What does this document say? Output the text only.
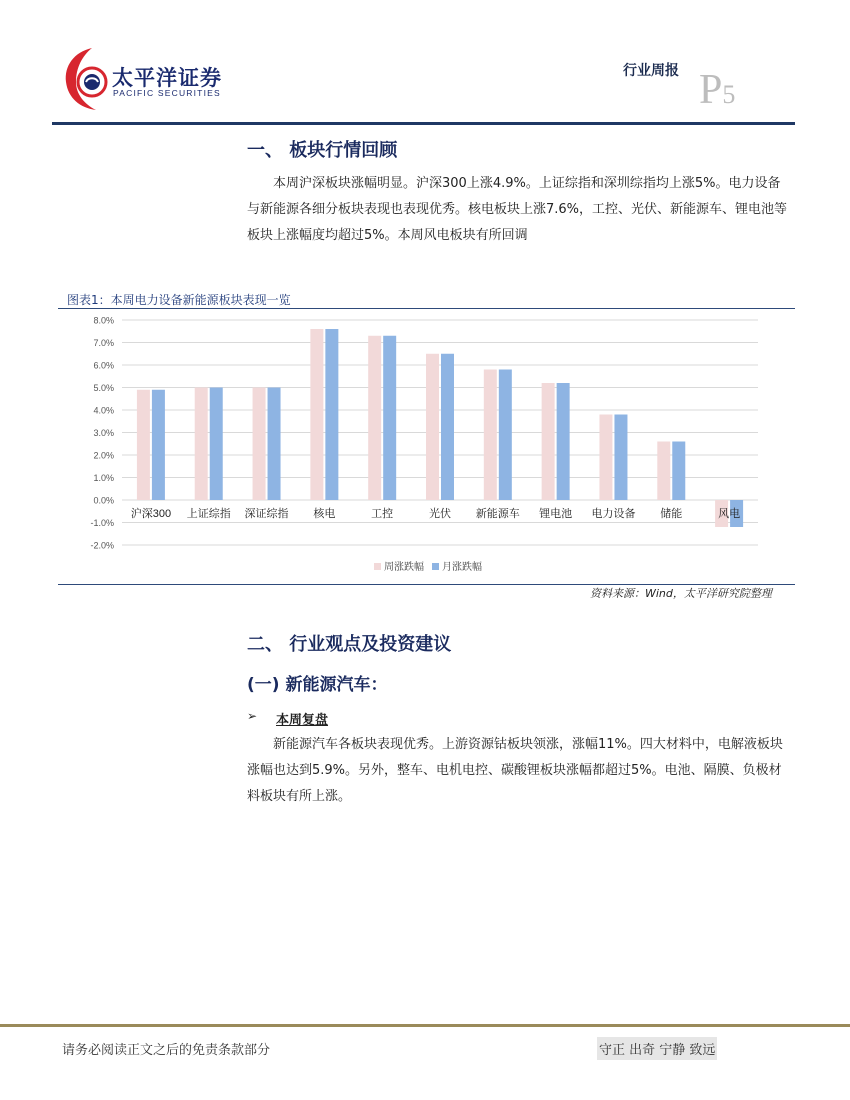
太平洋证券
PACIFIC SECURITIES
行业周报 P5
一、 板块行情回顾

本周沪深板块涨幅明显。沪深300上涨4.9%。上证综指和深圳综指均上涨5%。电力设备与新能源各细分板块表现也表现优秀。核电板块上涨7.6%，工控、光伏、新能源车、锂电池等板块上涨幅度均超过5%。本周风电板块有所回调

图表1：本周电力设备新能源板块表现一览
8.0%
7.0%
6.0%
5.0%
4.0%
3.0%
2.0%
1.0%
0.0%
-1.0%
-2.0%
沪深300 上证综指 深证综指 核电	工控	光伏 新能源车 锂电池 电力设备 储能	风电
周涨跌幅 月涨跌幅
资料来源：Wind，太平洋研究院整理
二、 行业观点及投资建议
(一) 新能源汽车：
➢ 本周复盘

新能源汽车各板块表现优秀。上游资源钴板块领涨，涨幅11%。四大材料中，电解液板块涨幅也达到5.9%。另外，整车、电机电控、碳酸锂板块涨幅都超过5%。电池、隔膜、负极材料板块有所上涨。

请务必阅读正文之后的免责条款部分	守正 出奇 宁静 致远
